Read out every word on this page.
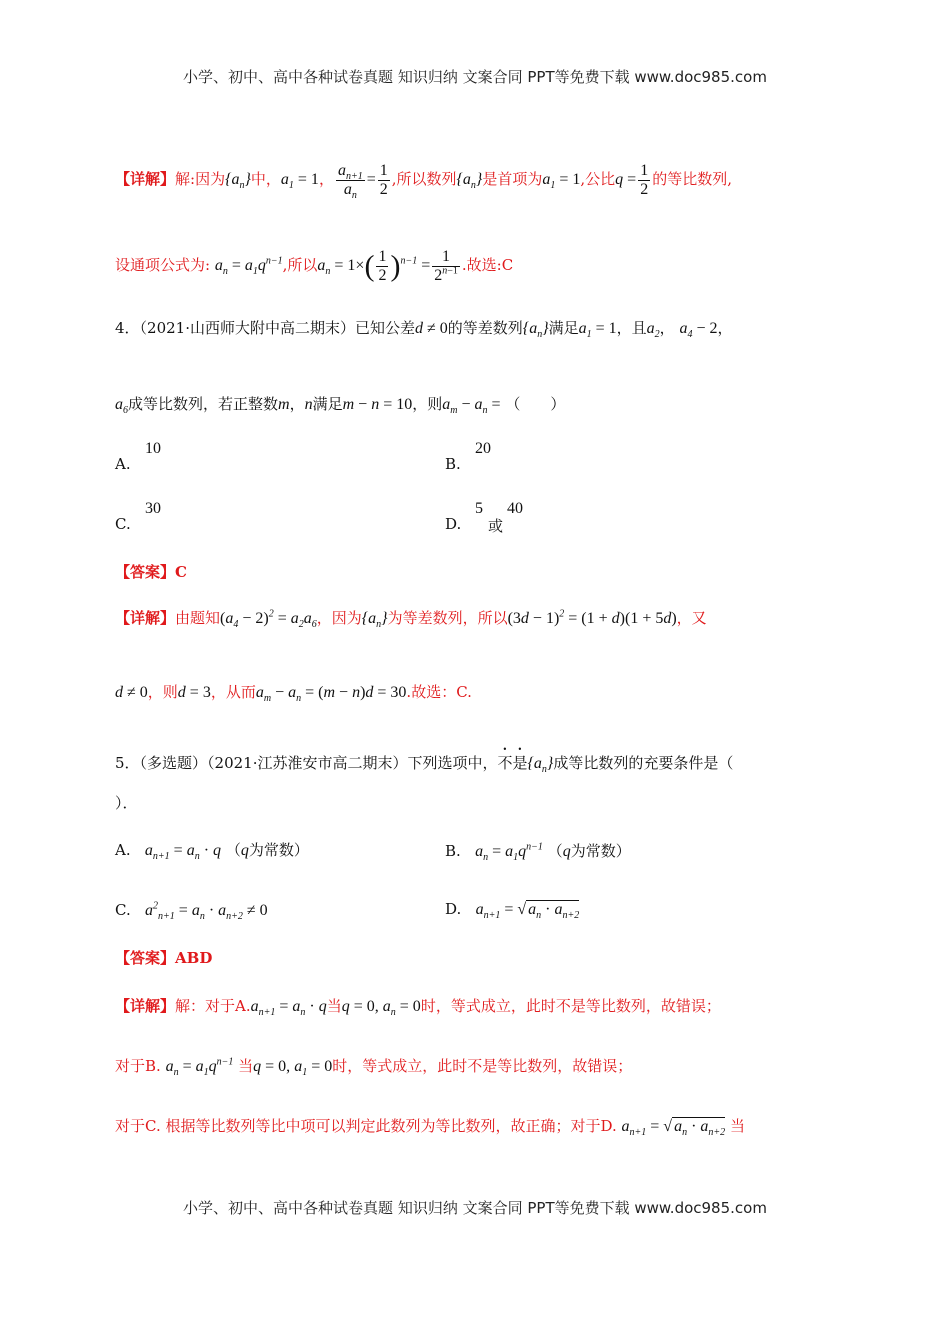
小学、初中、高中各种试卷真题 知识归纳 文案合同 PPT等免费下载 www.doc985.com
【详解】解:因为$\{a_n\}$中，$a_1 = 1$， $\frac{a_{n+1}}{a_n} = \frac{1}{2}$ ,所以数列$\{a_n\}$是首项为$a_1 = 1$,公比$q = \frac{1}{2}$ 的等比数列,
设通项公式为: $a_n = a_1q^{n-1}$,所以$a_n = 1\times( \frac{1}{2} )^{n-1} = \frac{1}{2^{n-1}}$ .故选:C
4．（2021·山西师大附中高二期末）已知公差d ≠ 0的等差数列$\{a_n\}$满足$a_1 = 1$，且$a_2$， $a_4 - 2$，
$a_6$成等比数列，若正整数m，n满足m − n = 10，则$a_m - a_n$ = （　　）
A.
10
B.
20
C.
30
D.
5
或
40
【答案】C
【详解】由题知$(a_4 - 2)^2 = a_2a_6$，因为$\{a_n\}$为等差数列，所以$(3d - 1)^2 = (1 + d)(1 + 5d)$，又
d ≠ 0，则d = 3，从而$a_m - a_n = (m - n)d = 30$.故选：C.
5．（多选题）（2021·江苏淮安市高二期末）下列选项中，不是$\{a_n\}$成等比数列的充要条件是（
）．
A. $a_{n+1} = a_n \cdot q$ （q为常数）	B. $a_n = a_1q^{n-1}$ （q为常数）
C. $a^2_{n+1} = a_n \cdot a_{n+2} \ne 0$	D. $a_{n+1}$ = √ $a_n \cdot a_{n+2}$
【答案】ABD
【详解】解：对于$A.a_{n+1} = a_n \cdot q$当q = 0, $a_n = 0$时，等式成立，此时不是等比数列，故错误；
对于B. $a_n = a_1q^{n-1}$ 当q = 0, $a_1 = 0$时，等式成立，此时不是等比数列，故错误；
对于C. 根据等比数列等比中项可以判定此数列为等比数列，故正确；对于D. $a_{n+1}$ = √ $a_n \cdot a_{n+2}$ 当
小学、初中、高中各种试卷真题 知识归纳 文案合同 PPT等免费下载 www.doc985.com
